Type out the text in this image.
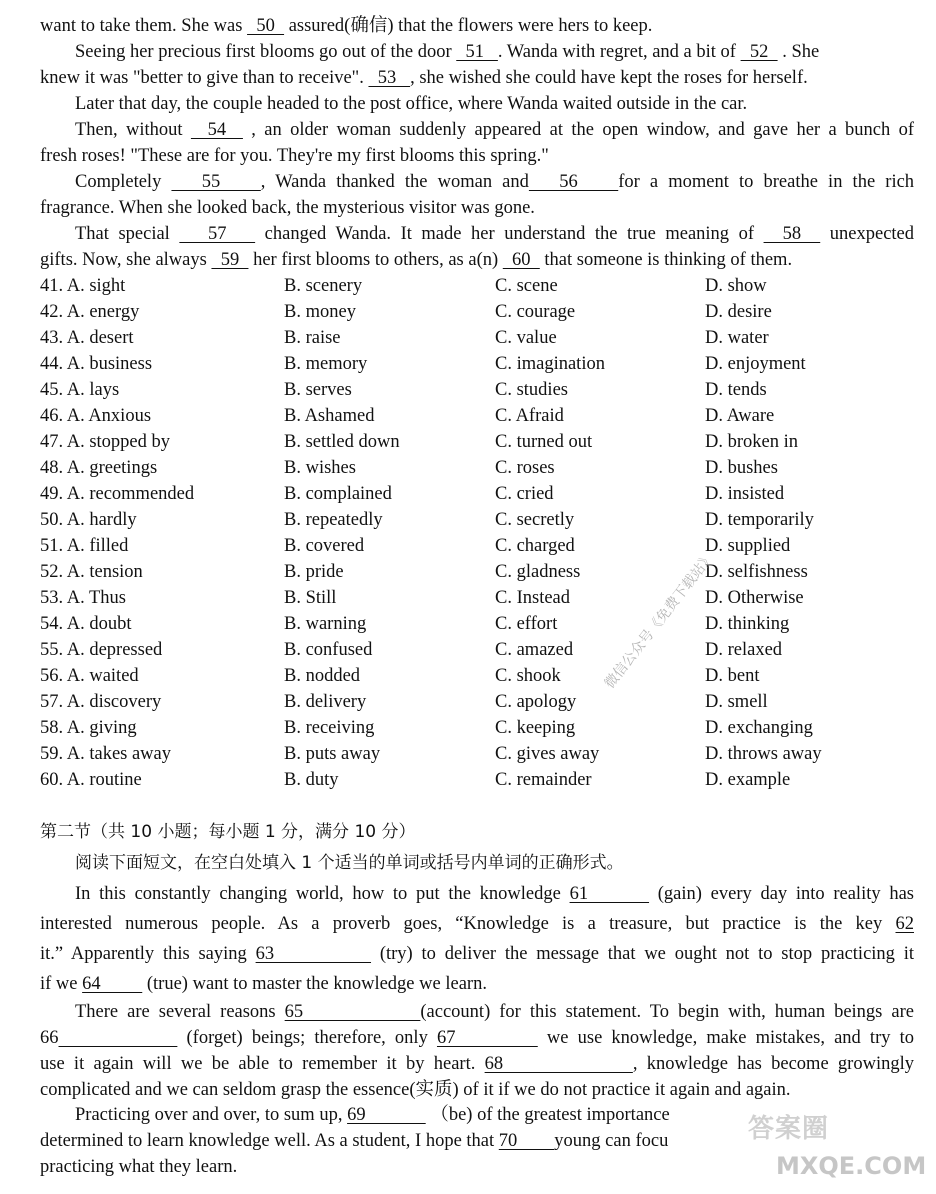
want to take them. She was   50   assured(确信) that the flowers were hers to keep.
Seeing her precious first blooms go out of the door   51   . Wanda with regret, and a bit of   52   . She
knew it was "better to give than to receive".   53   , she wished she could have kept the roses for herself.
Later that day, the couple headed to the post office, where Wanda waited outside in the car.
Then, without   54   , an older woman suddenly appeared at the open window, and gave her a bunch of
fresh roses! "These are for you. They're my first blooms this spring."
Completely    55    , Wanda thanked the woman and   56    for a moment to breathe in the rich
fragrance. When she looked back, the mysterious visitor was gone.
That special    57    changed Wanda. It made her understand the true meaning of   58   unexpected
gifts. Now, she always   59   her first blooms to others, as a(n)   60   that someone is thinking of them.
41. A. sight	B. scenery	C. scene	D. show
42. A. energy	B. money	C. courage	D. desire
43. A. desert	B. raise	C. value	D. water
44. A. business	B. memory	C. imagination	D. enjoyment
45. A. lays	B. serves	C. studies	D. tends
46. A. Anxious	B. Ashamed	C. Afraid	D. Aware
47. A. stopped by	B. settled down	C. turned out	D. broken in
48. A. greetings	B. wishes	C. roses	D. bushes
49. A. recommended	B. complained	C. cried	D. insisted
50. A. hardly	B. repeatedly	C. secretly	D. temporarily
51. A. filled	B. covered	C. charged	D. supplied
52. A. tension	B. pride	C. gladness	D. selfishness
53. A. Thus	B. Still	C. Instead	D. Otherwise
54. A. doubt	B. warning	C. effort	D. thinking
55. A. depressed	B. confused	C. amazed	D. relaxed
56. A. waited	B. nodded	C. shook	D. bent
57. A. discovery	B. delivery	C. apology	D. smell
58. A. giving	B. receiving	C. keeping	D. exchanging
59. A. takes away	B. puts away	C. gives away	D. throws away
60. A. routine	B. duty	C. remainder	D. example
第二节（共 10 小题；每小题 1 分，满分 10 分）
阅读下面短文，在空白处填入 1 个适当的单词或括号内单词的正确形式。
In this constantly changing world, how to put the knowledge 61        (gain) every day into reality has
interested numerous people. As a proverb goes, “Knowledge is a treasure, but practice is the key 62
it.” Apparently this saying 63            (try) to deliver the message that we ought not to stop practicing it
if we 64          (true) want to master the knowledge we learn.
There are several reasons 65             (account) for this statement. To begin with, human beings are
66	(forget) beings; therefore, only 67          we use knowledge, make mistakes, and try to
use it again will we be able to remember it by heart. 68              , knowledge has become growingly
complicated and we can seldom grasp the essence(实质) of it if we do not practice it again and again.
Practicing over and over, to sum up, 69              （be) of the greatest importance
determined to learn knowledge well. As a student, I hope that 70        young can focu
practicing what they learn.
微信公众号《免费下载站》
答案圈
MXQE.COM
